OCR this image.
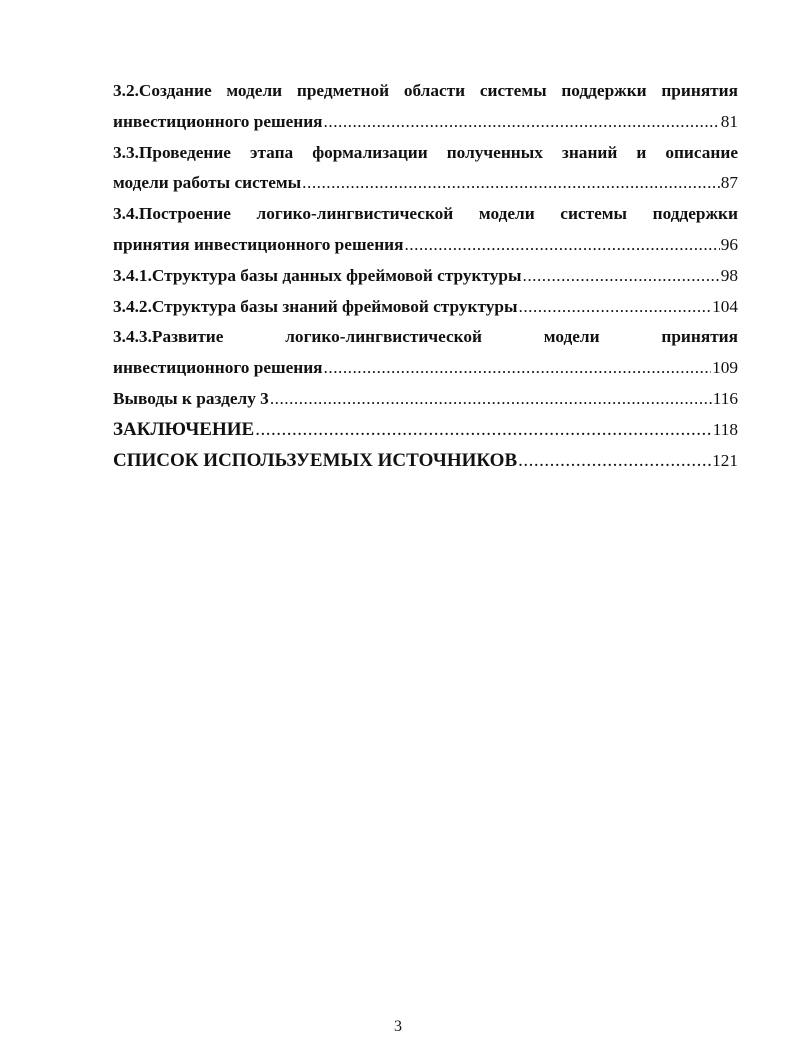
3.2.Создание модели предметной области системы поддержки принятия
инвестиционного решения .....	81
3.3.Проведение этапа формализации полученных знаний и описание
модели работы системы .....	87
3.4.Построение логико-лингвистической модели системы поддержки
принятия инвестиционного решения .....	96
3.4.1.Структура базы данных фреймовой структуры .....	98
3.4.2.Структура базы знаний фреймовой структуры .....	104
3.4.3.Развитие	логико-лингвистической	модели	принятия
инвестиционного решения .....	109
Выводы к разделу 3 .....	116
ЗАКЛЮЧЕНИЕ .....	118
СПИСОК ИСПОЛЬЗУЕМЫХ ИСТОЧНИКОВ .....	121
3
